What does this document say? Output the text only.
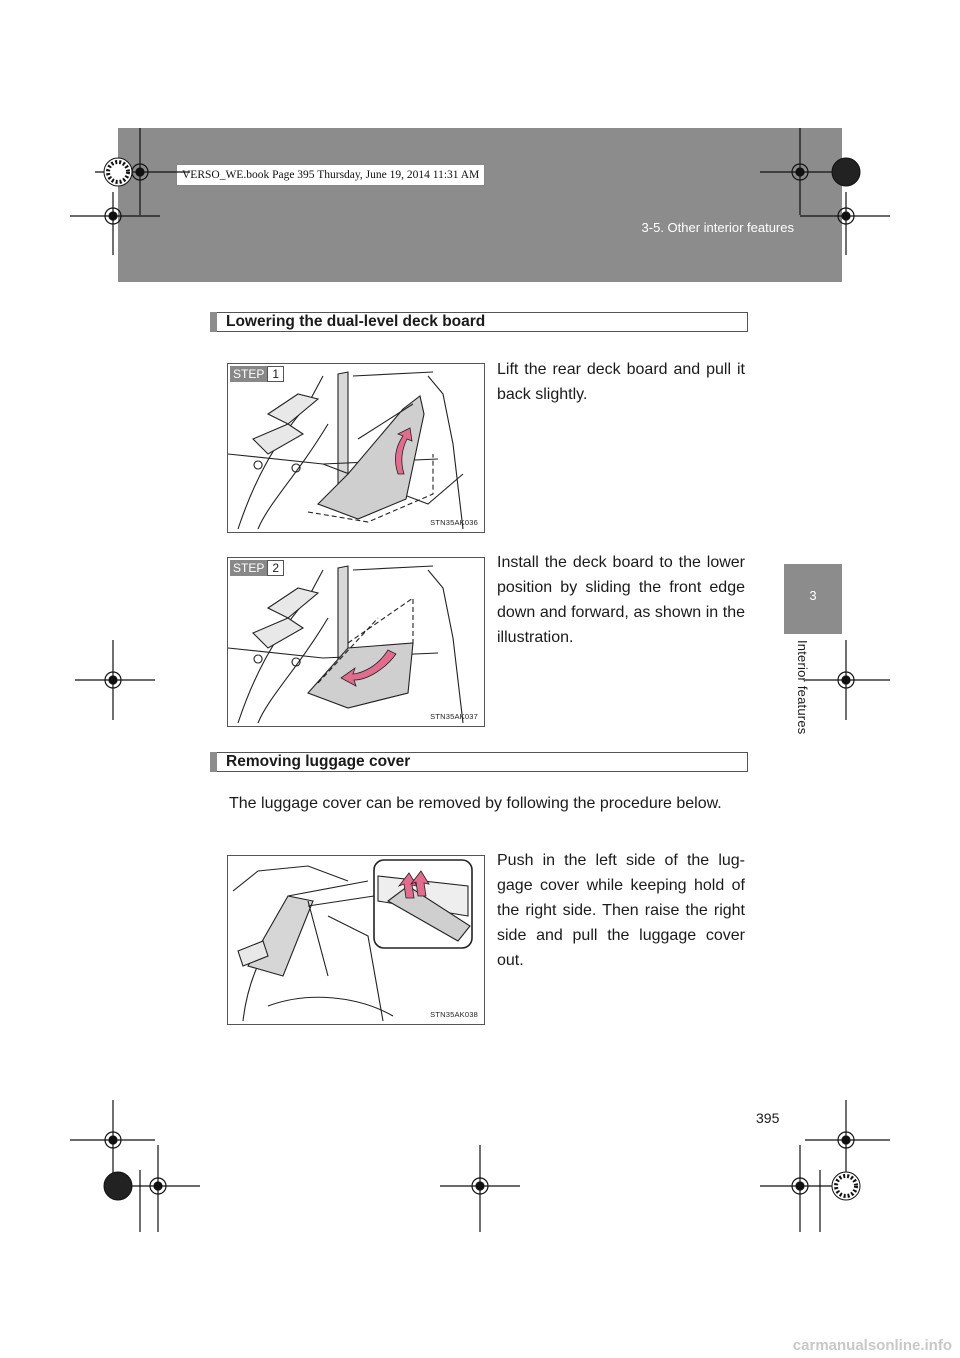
VERSO_WE.book Page 395 Thursday, June 19, 2014 11:31 AM
3-5. Other interior features
3
Interior features
Lowering the dual-level deck board
STEP 1
STN35AK036
Lift the rear deck board and pull it back slightly.
STEP 2
STN35AK037
Install the deck board to the lower position by sliding the front edge down and forward, as shown in the illustration.
Removing luggage cover
The luggage cover can be removed by following the procedure below.
STN35AK038
Push in the left side of the lug-gage cover while keeping hold of the right side. Then raise the right side and pull the luggage cover out.
395
carmanualsonline.info
